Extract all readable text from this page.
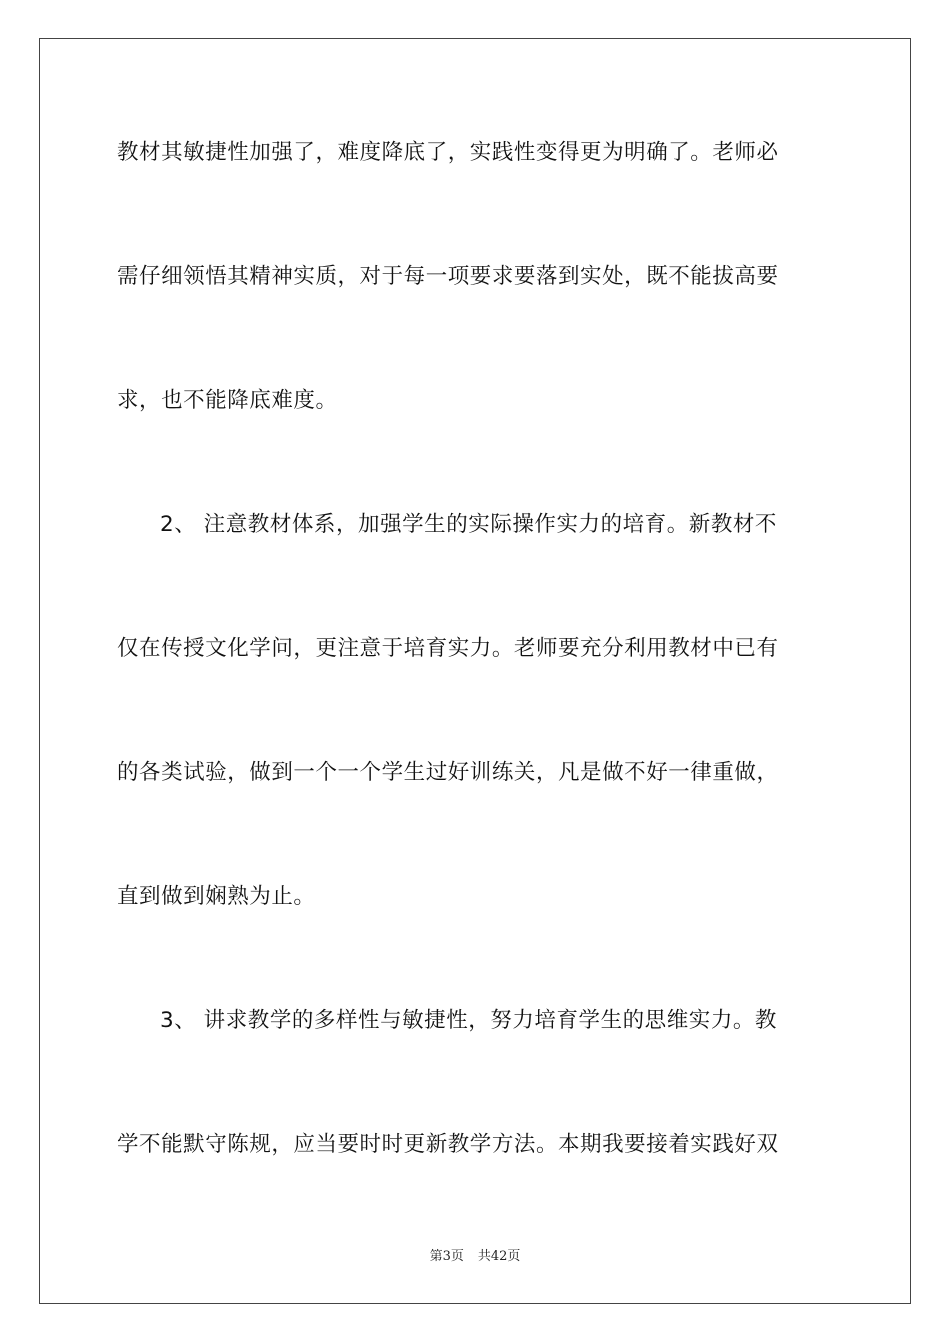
教材其敏捷性加强了，难度降底了，实践性变得更为明确了。老师必
需仔细领悟其精神实质，对于每一项要求要落到实处，既不能拔高要
求，也不能降底难度。
2、 注意教材体系，加强学生的实际操作实力的培育。新教材不
仅在传授文化学问，更注意于培育实力。老师要充分利用教材中已有
的各类试验，做到一个一个学生过好训练关，凡是做不好一律重做，
直到做到娴熟为止。
3、 讲求教学的多样性与敏捷性，努力培育学生的思维实力。教
学不能默守陈规，应当要时时更新教学方法。本期我要接着实践好双
第3页 共42页
